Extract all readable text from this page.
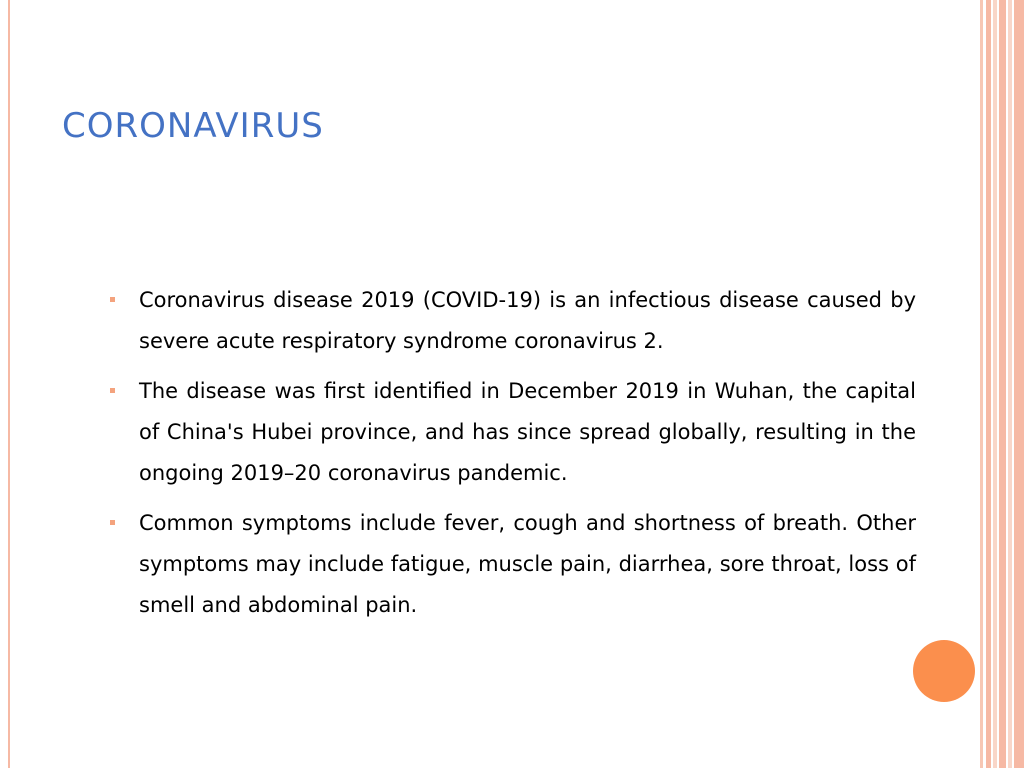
CORONAVIRUS
Coronavirus disease 2019 (COVID-19) is an infectious disease caused by severe acute respiratory syndrome coronavirus 2.
The disease was first identified in December 2019 in Wuhan, the capital of China's Hubei province, and has since spread globally, resulting in the ongoing 2019–20 coronavirus pandemic.
Common symptoms include fever, cough and shortness of breath. Other symptoms may include fatigue, muscle pain, diarrhea, sore throat, loss of smell and abdominal pain.
